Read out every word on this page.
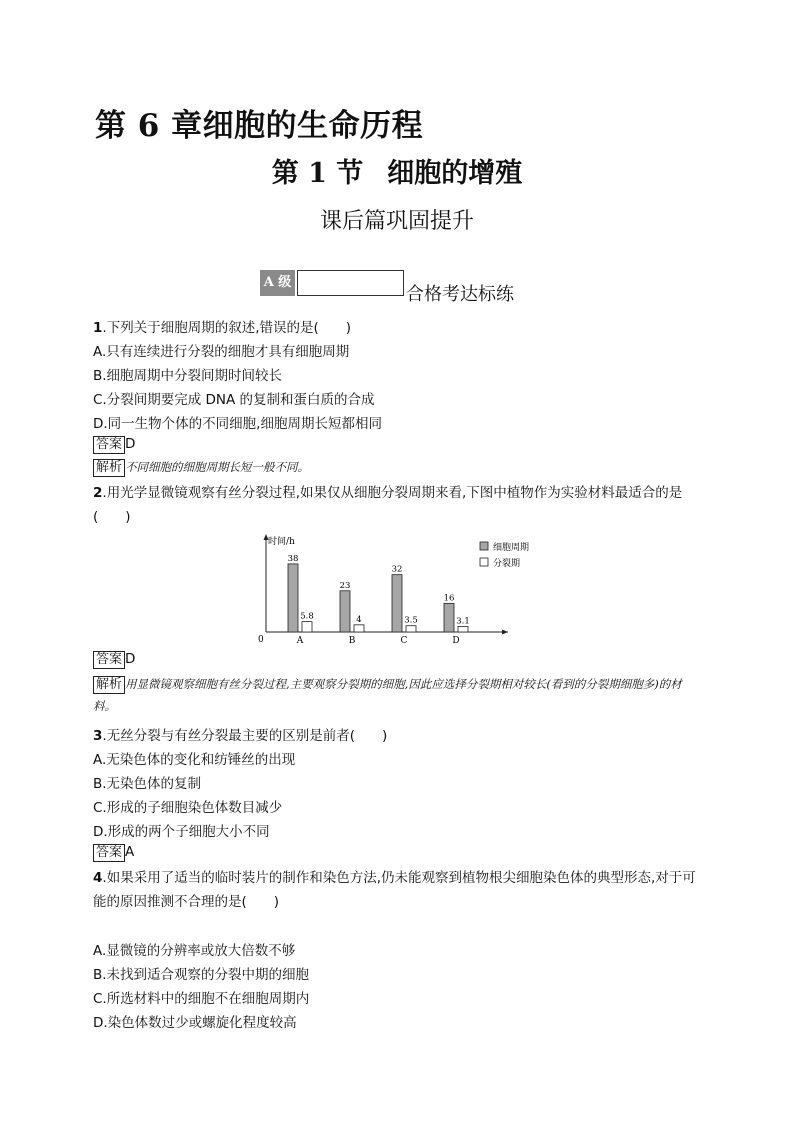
第 6 章细胞的生命历程
第 1 节 细胞的增殖
课后篇巩固提升
A 级
合格考达标练
1.下列关于细胞周期的叙述,错误的是(　　)
A.只有连续进行分裂的细胞才具有细胞周期
B.细胞周期中分裂间期时间较长
C.分裂间期要完成 DNA 的复制和蛋白质的合成
D.同一生物个体的不同细胞,细胞周期长短都相同
答案 D
解析 不同细胞的细胞周期长短一般不同。
2.用光学显微镜观察有丝分裂过程,如果仅从细胞分裂周期来看,下图中植物作为实验材料最适合的是(　　)
时间/h
0
38
5.8
A
23
4
B
32
3.5
C
16
3.1
D
细胞周期
分裂期
答案 D
解析 用显微镜观察细胞有丝分裂过程,主要观察分裂期的细胞,因此应选择分裂期相对较长(看到的分裂期细胞多)的材料。
3.无丝分裂与有丝分裂最主要的区别是前者(　　)
A.无染色体的变化和纺锤丝的出现
B.无染色体的复制
C.形成的子细胞染色体数目减少
D.形成的两个子细胞大小不同
答案 A
4.如果采用了适当的临时装片的制作和染色方法,仍未能观察到植物根尖细胞染色体的典型形态,对于可能的原因推测不合理的是(　　)
A.显微镜的分辨率或放大倍数不够
B.未找到适合观察的分裂中期的细胞
C.所选材料中的细胞不在细胞周期内
D.染色体数过少或螺旋化程度较高
